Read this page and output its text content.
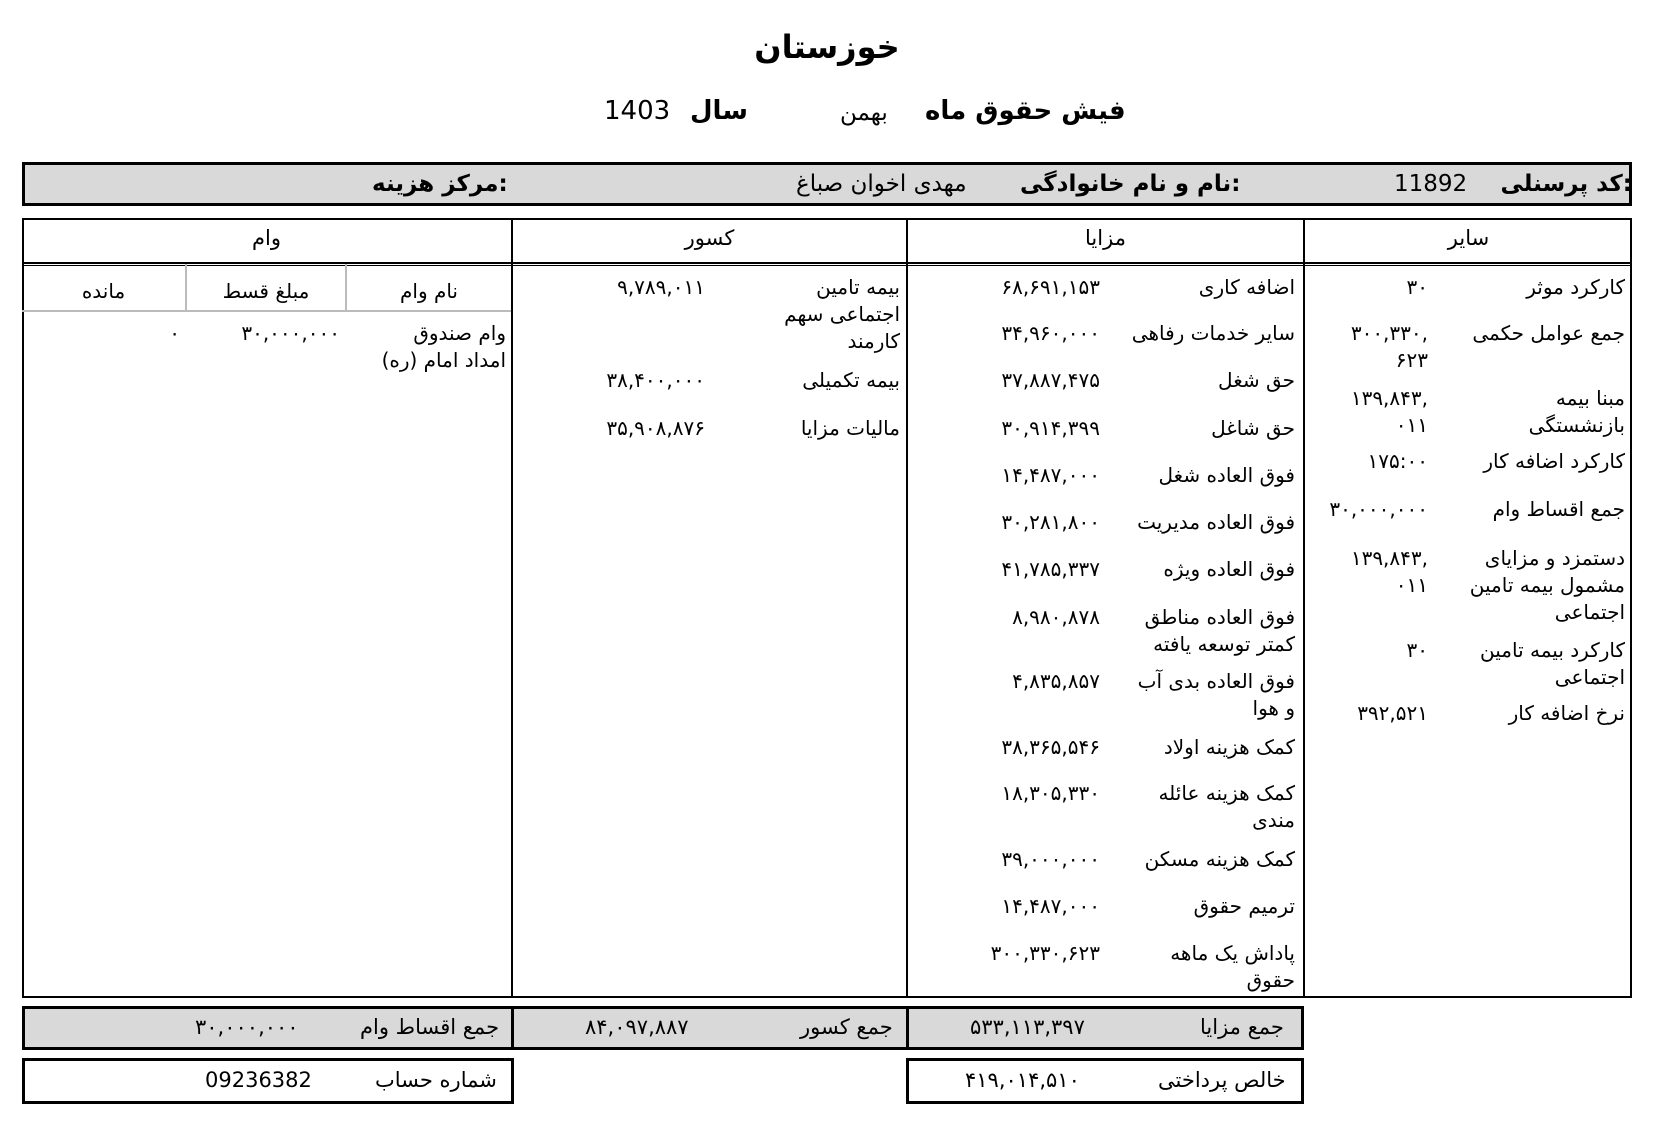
خوزستان
فیش حقوق ماه
بهمن
سال
1403
کد پرسنلی:
11892
نام و نام خانوادگی:
مهدی اخوان صباغ
مرکز هزینه:
سایر
مزایا
کسور
وام
کارکرد موثر
۳۰
جمع عوامل حکمی
۳۰۰,۳۳۰,
۶۲۳
مبنا بیمه
بازنشستگی
۱۳۹,۸۴۳,
۰۱۱
کارکرد اضافه کار
۱۷۵:۰۰
جمع اقساط وام
۳۰,۰۰۰,۰۰۰
دستمزد و مزایای
مشمول بیمه تامین
اجتماعی
۱۳۹,۸۴۳,
۰۱۱
کارکرد بیمه تامین
اجتماعی
۳۰
نرخ اضافه کار
۳۹۲,۵۲۱
اضافه کاری
۶۸,۶۹۱,۱۵۳
سایر خدمات رفاهی
۳۴,۹۶۰,۰۰۰
حق شغل
۳۷,۸۸۷,۴۷۵
حق شاغل
۳۰,۹۱۴,۳۹۹
فوق العاده شغل
۱۴,۴۸۷,۰۰۰
فوق العاده مدیریت
۳۰,۲۸۱,۸۰۰
فوق العاده ویژه
۴۱,۷۸۵,۳۳۷
فوق العاده مناطق
کمتر توسعه یافته
۸,۹۸۰,۸۷۸
فوق العاده بدی آب
و هوا
۴,۸۳۵,۸۵۷
کمک هزینه اولاد
۳۸,۳۶۵,۵۴۶
کمک هزینه عائله
مندی
۱۸,۳۰۵,۳۳۰
کمک هزینه مسکن
۳۹,۰۰۰,۰۰۰
ترمیم حقوق
۱۴,۴۸۷,۰۰۰
پاداش یک ماهه
حقوق
۳۰۰,۳۳۰,۶۲۳
بیمه تامین
اجتماعی سهم
کارمند
۹,۷۸۹,۰۱۱
بیمه تکمیلی
۳۸,۴۰۰,۰۰۰
مالیات مزایا
۳۵,۹۰۸,۸۷۶
نام وام
مبلغ قسط
مانده
وام صندوق
امداد امام (ره)
۳۰,۰۰۰,۰۰۰
۰
جمع مزایا
۵۳۳,۱۱۳,۳۹۷
جمع کسور
۸۴,۰۹۷,۸۸۷
جمع اقساط وام
۳۰,۰۰۰,۰۰۰
خالص پرداختی
۴۱۹,۰۱۴,۵۱۰
شماره حساب
09236382
